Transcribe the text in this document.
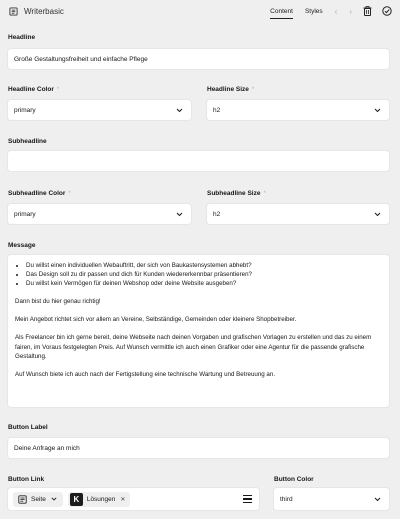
Writerbasic	Content Styles ‹ ›
Headline
Große Gestaltungsfreiheit und einfache Pflege
Headline Color *
primary
Headline Size *
h2
Subheadline
Subheadline Color *
primary
Subheadline Size *
h2
Message
• Du willst einen individuellen Webauftritt, der sich von Baukastensystemen abhebt?
• Das Design soll zu dir passen und dich für Kunden wiedererkennbar präsentieren?
• Du willst kein Vermögen für deinen Webshop oder deine Website ausgeben?

Dann bist du hier genau richtig!

Mein Angebot richtet sich vor allem an Vereine, Selbständige, Gemeinden oder kleinere Shopbetreiber.

Als Freelancer bin ich gerne bereit, deine Webseite nach deinen Vorgaben und grafischen Vorlagen zu erstellen und das zu einem fairen, im Voraus festgelegten Preis. Auf Wunsch vermittle ich auch einen Grafiker oder eine Agentur für die passende grafische Gestaltung.

Auf Wunsch biete ich auch nach der Fertigstellung eine technische Wartung und Betreuung an.

Button Label
Deine Anfrage an mich
Button Link
Seite	K	Lösungen ✕
Button Color
third
